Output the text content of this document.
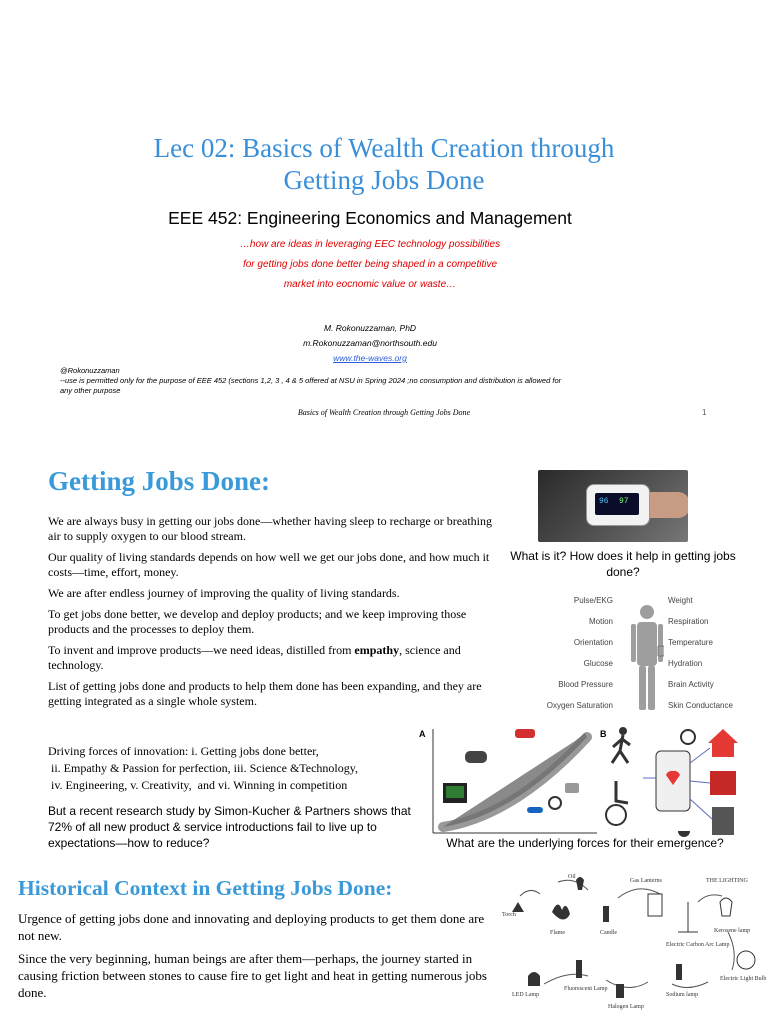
Lec 02: Basics of Wealth Creation through
Getting Jobs Done
EEE 452: Engineering Economics and Management
…how are ideas in leveraging EEC technology possibilities
for getting jobs done better being shaped in a competitive
market into eocnomic value or waste…
M. Rokonuzzaman, PhD
m.Rokonuzzaman@northsouth.edu
www.the-waves.org
@Rokonuzzaman
--use is permitted only for the purpose of EEE 452 (sections 1,2, 3 , 4 & 5 offered at NSU in Spring 2024 ;no consumption and distribution is allowed for
any other purpose
Basics of Wealth Creation through Getting Jobs Done	1
Getting Jobs Done:

We are always busy in getting our jobs done—whether having sleep to recharge or breathing air to supply oxygen to our blood stream.

Our quality of living standards depends on how well we get our jobs done, and how much it costs—time, effort, money.

We are after endless journey of improving the quality of living standards.

To get jobs done better, we develop and deploy products; and we keep improving those products and the processes to deploy them.

To invent and improve products—we need ideas, distilled from empathy, science and technology.

List of getting jobs done and products to help them done has been expanding, and they are getting integrated as a single whole system.

Driving forces of innovation: i. Getting jobs done better,
ii. Empathy & Passion for perfection, iii. Science &Technology,
iv. Engineering, v. Creativity,  and vi. Winning in competition
But a recent research study by Simon-Kucher & Partners shows that 72% of all new product & service introductions fail to live up to expectations—how to reduce?
96 97
What is it? How does it help in getting jobs done?
Pulse/EKG
Motion
Orientation
Glucose
Blood Pressure
Oxygen Saturation
Weight
Respiration
Temperature
Hydration
Brain Activity
Skin Conductance
A	B
What are the underlying forces for their emergence?
Historical Context in Getting Jobs Done:

Urgence of getting jobs done and innovating and deploying products to get them done are not new.

Since the very beginning, human beings are after them—perhaps, the journey started in causing friction between stones to cause fire to get light and heat in getting numerous jobs done.

Oil
Gas Lanterns	THE LIGHTING
Torch
Flame	Candle	Kerosene lamp
Electric Carbon Arc Lamp
Fluorescent Lamp
Sodium lamp
Electric Light Bulb
LED Lamp
Halogen Lamp
